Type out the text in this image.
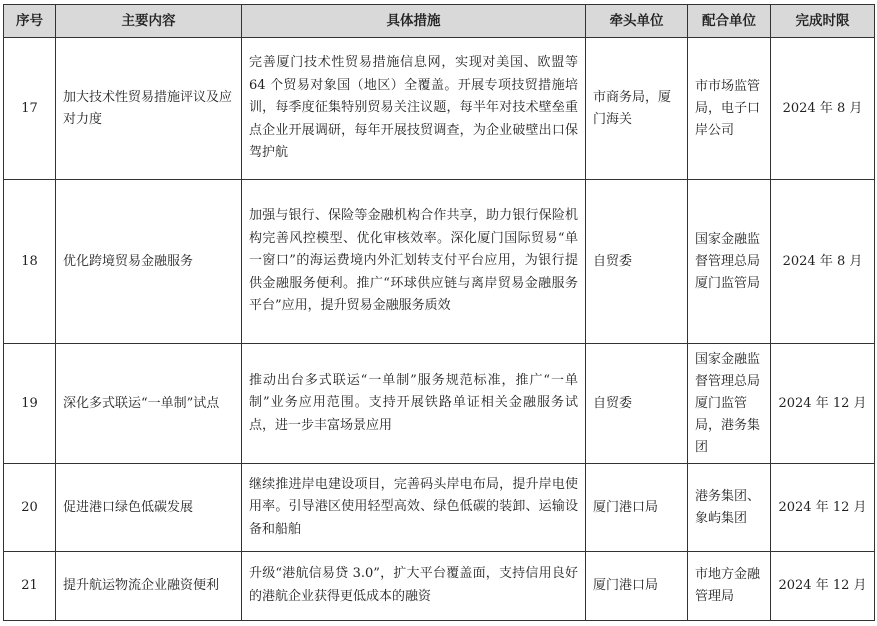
序号	主要内容	具体措施	牵头单位	配合单位	完成时限
17	加大技术性贸易措施评议及应对力度	完善厦门技术性贸易措施信息网，实现对美国、欧盟等 64 个贸易对象国（地区）全覆盖。开展专项技贸措施培训，每季度征集特别贸易关注议题，每半年对技术壁垒重点企业开展调研，每年开展技贸调查，为企业破壁出口保驾护航	市商务局，厦门海关	市市场监管局，电子口岸公司	2024 年 8 月
18	优化跨境贸易金融服务	加强与银行、保险等金融机构合作共享，助力银行保险机构完善风控模型、优化审核效率。深化厦门国际贸易“单一窗口”的海运费境内外汇划转支付平台应用，为银行提供金融服务便利。推广“环球供应链与离岸贸易金融服务平台”应用，提升贸易金融服务质效	自贸委	国家金融监督管理总局厦门监管局	2024 年 8 月
19	深化多式联运“一单制”试点	推动出台多式联运“一单制”服务规范标准，推广“一单制”业务应用范围。支持开展铁路单证相关金融服务试点，进一步丰富场景应用	自贸委	国家金融监督管理总局厦门监管局，港务集团	2024 年 12 月
20	促进港口绿色低碳发展	继续推进岸电建设项目，完善码头岸电布局，提升岸电使用率。引导港区使用轻型高效、绿色低碳的装卸、运输设备和船舶	厦门港口局	港务集团、象屿集团	2024 年 12 月
21	提升航运物流企业融资便利	升级“港航信易贷 3.0”，扩大平台覆盖面，支持信用良好的港航企业获得更低成本的融资	厦门港口局	市地方金融管理局	2024 年 12 月
